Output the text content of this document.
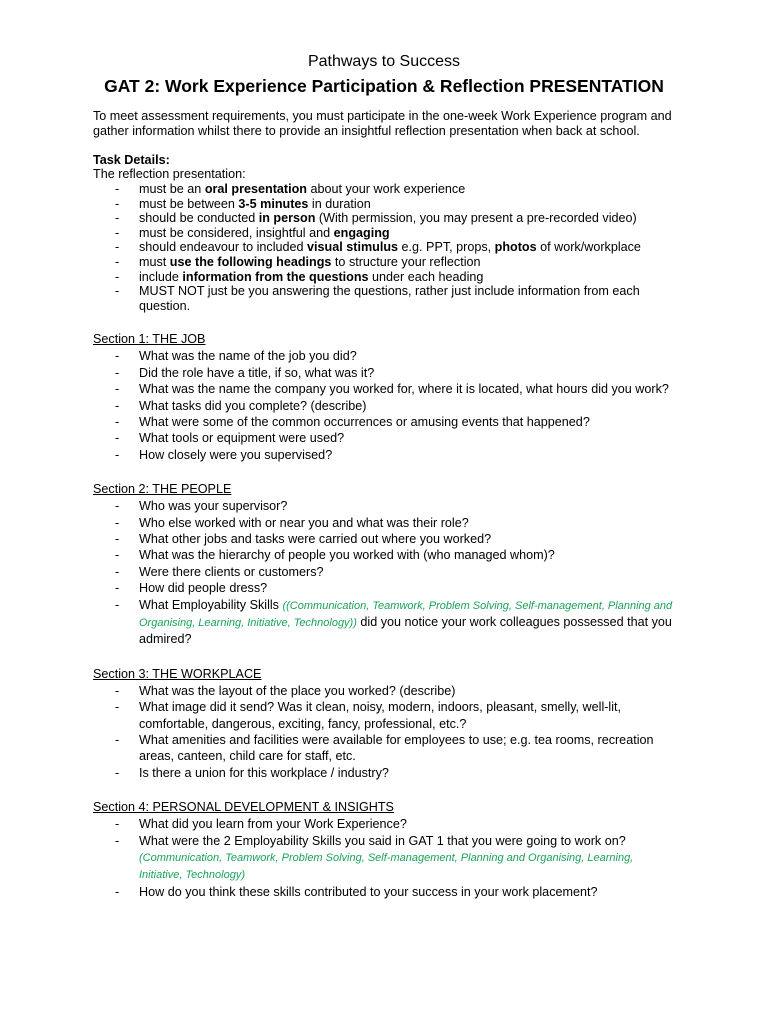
Pathways to Success
GAT 2: Work Experience Participation & Reflection PRESENTATION

To meet assessment requirements, you must participate in the one-week Work Experience program and gather information whilst there to provide an insightful reflection presentation when back at school.

Task Details:

The reflection presentation:

- must be an oral presentation about your work experience
- must be between 3-5 minutes in duration
- should be conducted in person (With permission, you may present a pre-recorded video)
- must be considered, insightful and engaging
- should endeavour to included visual stimulus e.g. PPT, props, photos of work/workplace
- must use the following headings to structure your reflection
- include information from the questions under each heading
- MUST NOT just be you answering the questions, rather just include information from each question.
Section 1: THE JOB
- What was the name of the job you did?
- Did the role have a title, if so, what was it?
- What was the name the company you worked for, where it is located, what hours did you work?
- What tasks did you complete? (describe)
- What were some of the common occurrences or amusing events that happened?
- What tools or equipment were used?
- How closely were you supervised?
Section 2: THE PEOPLE
- Who was your supervisor?
- Who else worked with or near you and what was their role?
- What other jobs and tasks were carried out where you worked?
- What was the hierarchy of people you worked with (who managed whom)?
- Were there clients or customers?
- How did people dress?
- What Employability Skills ((Communication, Teamwork, Problem Solving, Self-management, Planning and Organising, Learning, Initiative, Technology)) did you notice your work colleagues possessed that you admired?
Section 3: THE WORKPLACE
- What was the layout of the place you worked? (describe)
- What image did it send? Was it clean, noisy, modern, indoors, pleasant, smelly, well-lit, comfortable, dangerous, exciting, fancy, professional, etc.?
- What amenities and facilities were available for employees to use; e.g. tea rooms, recreation areas, canteen, child care for staff, etc.
- Is there a union for this workplace / industry?
Section 4: PERSONAL DEVELOPMENT & INSIGHTS
- What did you learn from your Work Experience?
- What were the 2 Employability Skills you said in GAT 1 that you were going to work on? (Communication, Teamwork, Problem Solving, Self-management, Planning and Organising, Learning, Initiative, Technology)
- How do you think these skills contributed to your success in your work placement?
